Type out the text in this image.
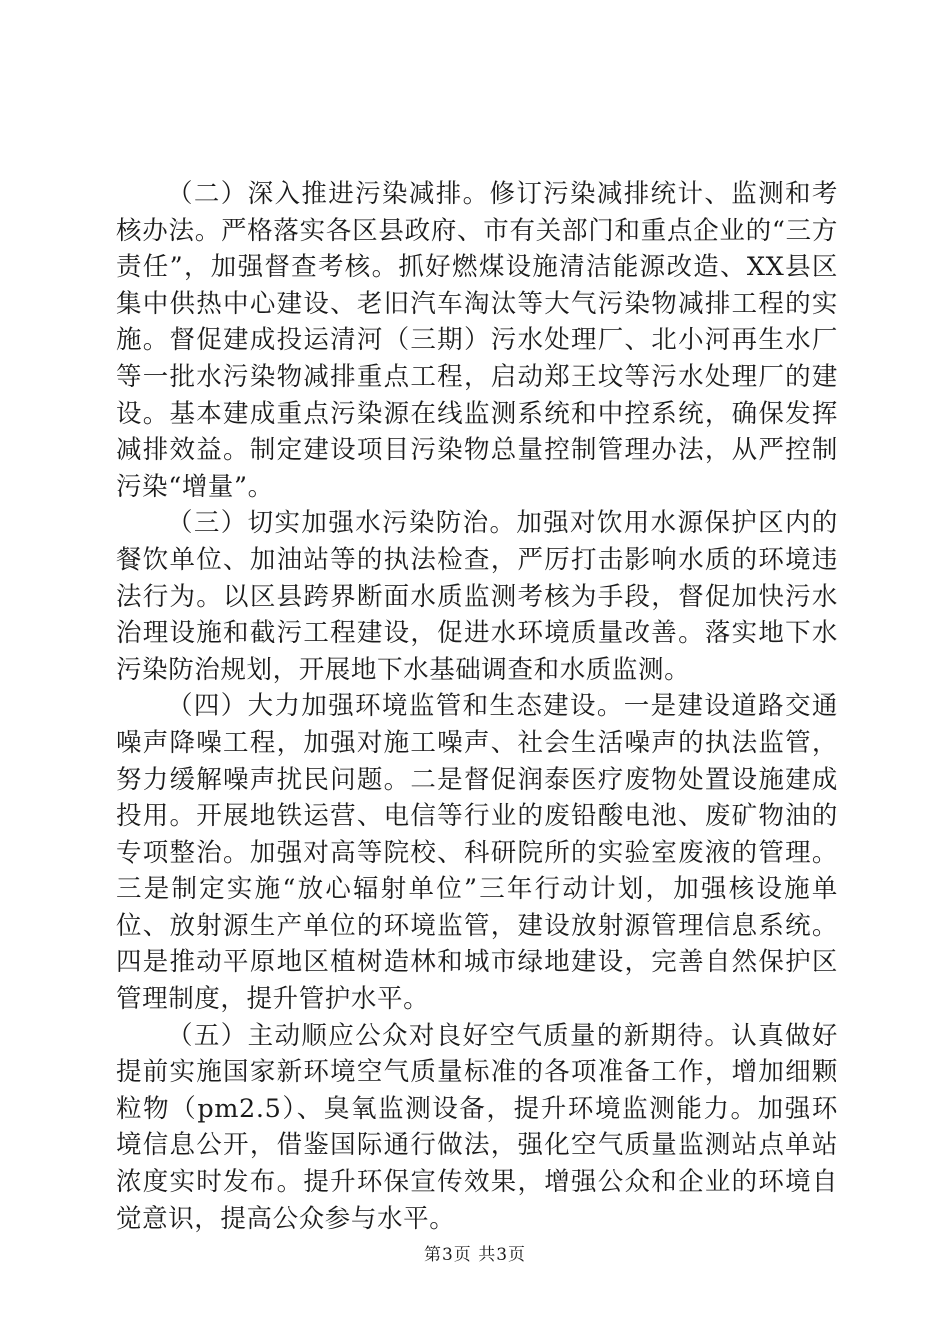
（二）深入推进污染减排。修订污染减排统计、监测和考核办法。严格落实各区县政府、市有关部门和重点企业的“三方责任”，加强督查考核。抓好燃煤设施清洁能源改造、XX县区集中供热中心建设、老旧汽车淘汰等大气污染物减排工程的实施。督促建成投运清河（三期）污水处理厂、北小河再生水厂等一批水污染物减排重点工程，启动郑王坟等污水处理厂的建设。基本建成重点污染源在线监测系统和中控系统，确保发挥减排效益。制定建设项目污染物总量控制管理办法，从严控制污染“增量”。

（三）切实加强水污染防治。加强对饮用水源保护区内的餐饮单位、加油站等的执法检查，严厉打击影响水质的环境违法行为。以区县跨界断面水质监测考核为手段，督促加快污水治理设施和截污工程建设，促进水环境质量改善。落实地下水污染防治规划，开展地下水基础调查和水质监测。

（四）大力加强环境监管和生态建设。一是建设道路交通噪声降噪工程，加强对施工噪声、社会生活噪声的执法监管，努力缓解噪声扰民问题。二是督促润泰医疗废物处置设施建成投用。开展地铁运营、电信等行业的废铅酸电池、废矿物油的专项整治。加强对高等院校、科研院所的实验室废液的管理。三是制定实施“放心辐射单位”三年行动计划，加强核设施单位、放射源生产单位的环境监管，建设放射源管理信息系统。四是推动平原地区植树造林和城市绿地建设，完善自然保护区管理制度，提升管护水平。

（五）主动顺应公众对良好空气质量的新期待。认真做好提前实施国家新环境空气质量标准的各项准备工作，增加细颗粒物（pm2.5）、臭氧监测设备，提升环境监测能力。加强环境信息公开，借鉴国际通行做法，强化空气质量监测站点单站浓度实时发布。提升环保宣传效果，增强公众和企业的环境自觉意识，提高公众参与水平。

第3页 共3页
